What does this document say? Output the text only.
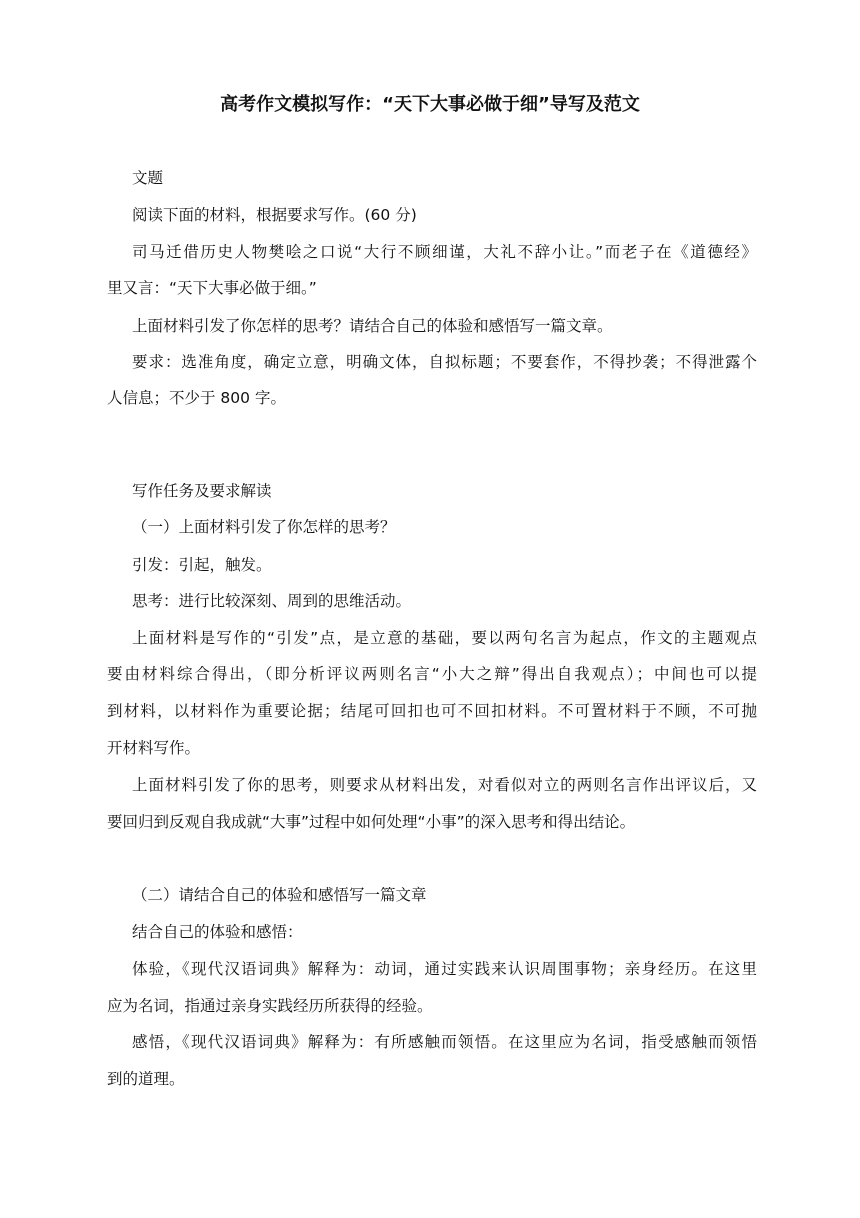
高考作文模拟写作：“天下大事必做于细”导写及范文
文题
阅读下面的材料，根据要求写作。(60 分)
司马迁借历史人物樊哙之口说“大行不顾细谨，大礼不辞小让。”而老子在《道德经》
里又言：“天下大事必做于细。”
上面材料引发了你怎样的思考？请结合自己的体验和感悟写一篇文章。
要求：选准角度，确定立意，明确文体，自拟标题；不要套作，不得抄袭；不得泄露个
人信息；不少于 800 字。
写作任务及要求解读
（一）上面材料引发了你怎样的思考？
引发：引起，触发。
思考：进行比较深刻、周到的思维活动。
上面材料是写作的“引发”点，是立意的基础，要以两句名言为起点，作文的主题观点
要由材料综合得出，（即分析评议两则名言“小大之辩”得出自我观点）；中间也可以提
到材料，以材料作为重要论据；结尾可回扣也可不回扣材料。不可置材料于不顾，不可抛
开材料写作。
上面材料引发了你的思考，则要求从材料出发，对看似对立的两则名言作出评议后，又
要回归到反观自我成就“大事”过程中如何处理“小事”的深入思考和得出结论。
（二）请结合自己的体验和感悟写一篇文章
结合自己的体验和感悟：
体验，《现代汉语词典》解释为：动词，通过实践来认识周围事物；亲身经历。在这里
应为名词，指通过亲身实践经历所获得的经验。
感悟，《现代汉语词典》解释为：有所感触而领悟。在这里应为名词，指受感触而领悟
到的道理。
